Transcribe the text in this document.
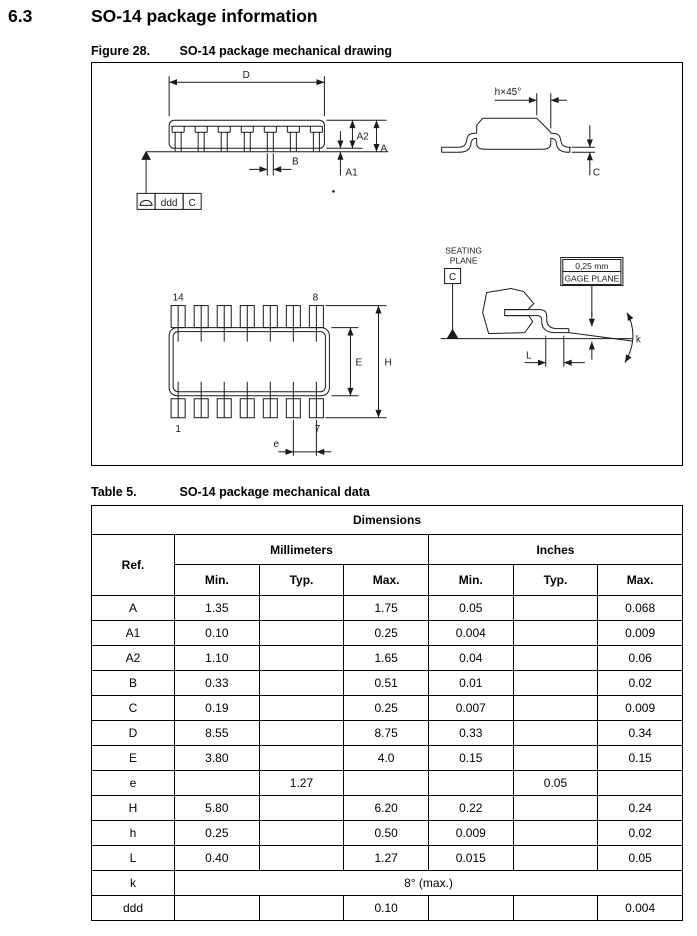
6.3	SO-14 package information
Figure 28. SO-14 package mechanical drawing
D
B
ddd C
14	8
1	7
e
SEATING
PLANE
C
0,25 mm
GAGE PLANE
L
A2
A
A1
h×45°
C
E H
k
Table 5.	SO-14 package mechanical data
Dimensions						
Ref.	Millimeters			Inches		
	Min.	Typ.	Max.	Min.	Typ.	Max.
A	1.35		1.75	0.05		0.068
A1	0.10		0.25	0.004		0.009
A2	1.10		1.65	0.04		0.06
B	0.33		0.51	0.01		0.02
C	0.19		0.25	0.007		0.009
D	8.55		8.75	0.33		0.34
E	3.80		4.0	0.15		0.15
e		1.27			0.05	
H	5.80		6.20	0.22		0.24
h	0.25		0.50	0.009		0.02
L	0.40		1.27	0.015		0.05
k	8° (max.)					
ddd			0.10			0.004
